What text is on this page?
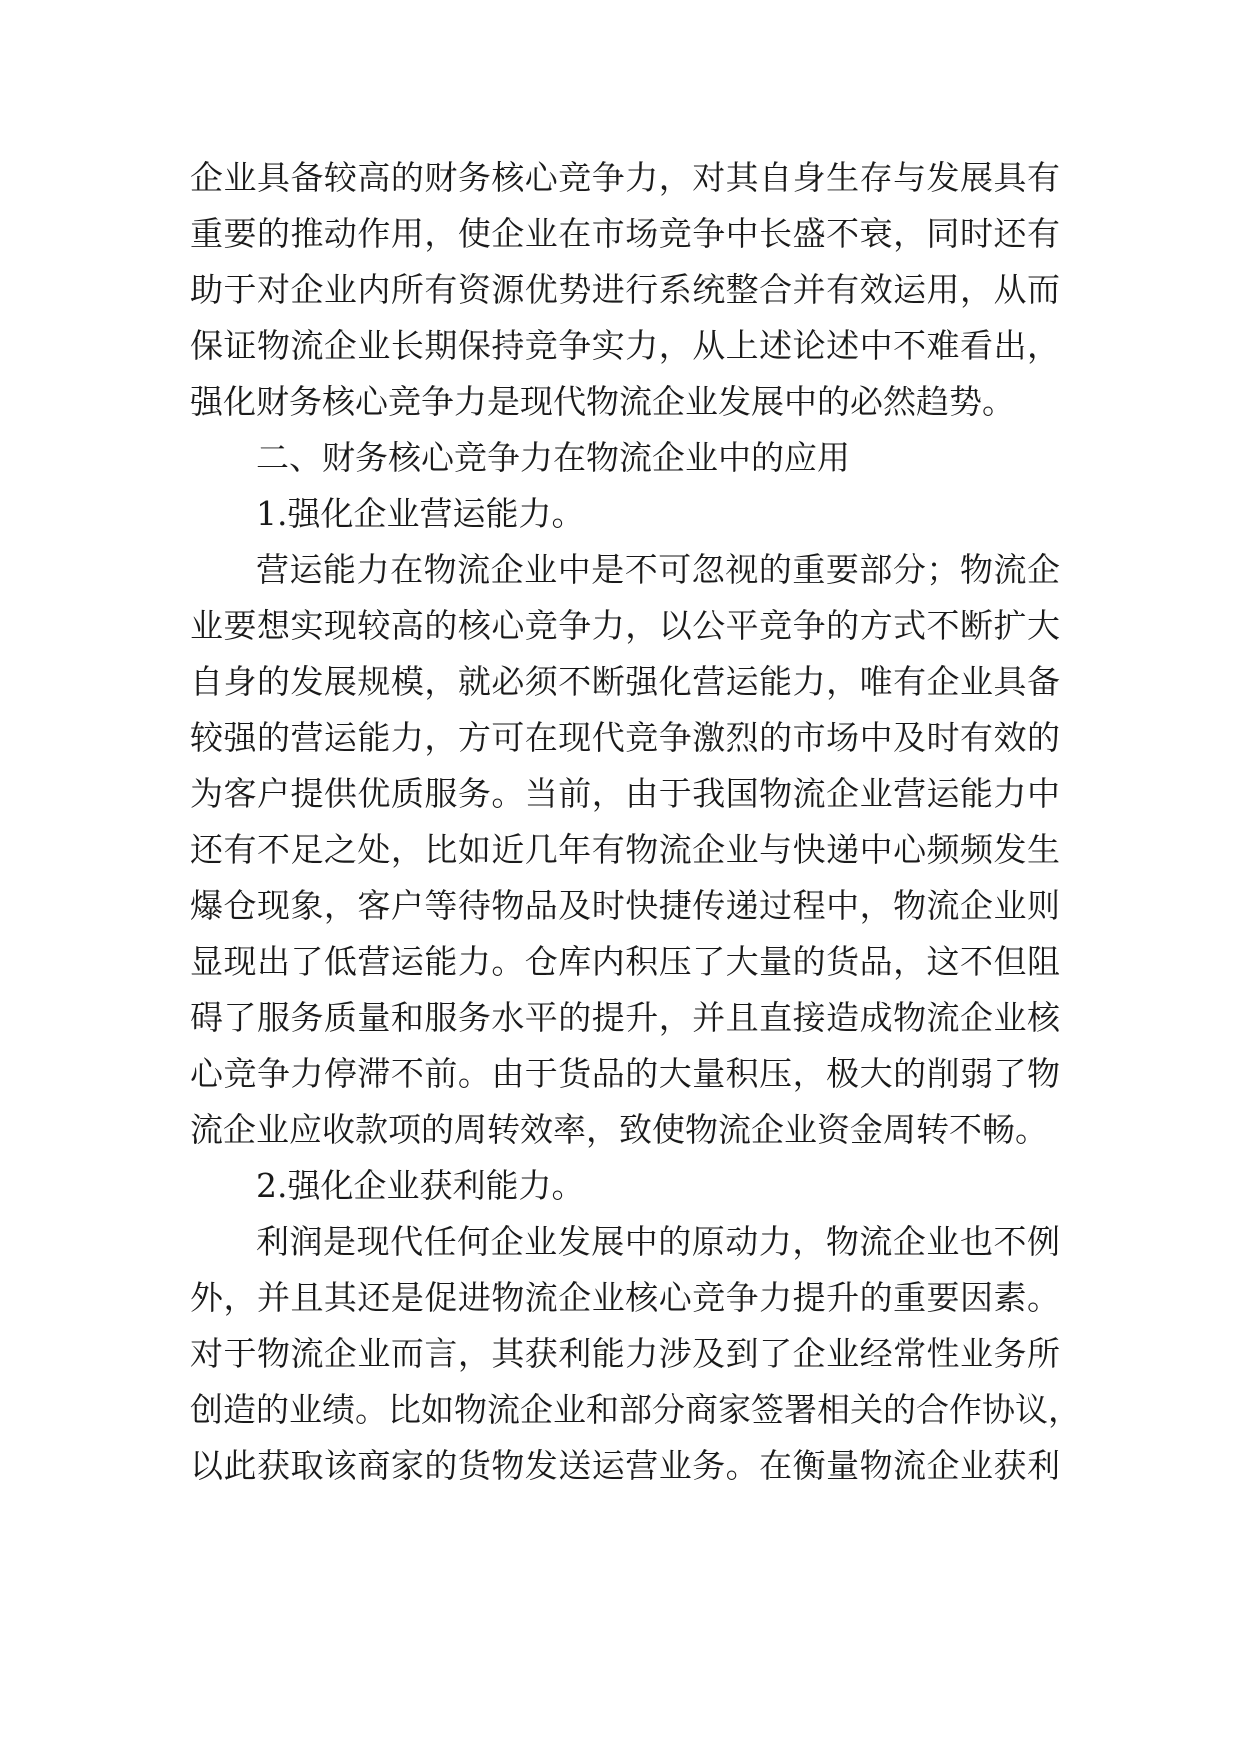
企业具备较高的财务核心竞争力，对其自身生存与发展具有
重要的推动作用，使企业在市场竞争中长盛不衰，同时还有
助于对企业内所有资源优势进行系统整合并有效运用，从而
保证物流企业长期保持竞争实力，从上述论述中不难看出，
强化财务核心竞争力是现代物流企业发展中的必然趋势。
二、财务核心竞争力在物流企业中的应用
1.强化企业营运能力。
营运能力在物流企业中是不可忽视的重要部分；物流企
业要想实现较高的核心竞争力，以公平竞争的方式不断扩大
自身的发展规模，就必须不断强化营运能力，唯有企业具备
较强的营运能力，方可在现代竞争激烈的市场中及时有效的
为客户提供优质服务。当前，由于我国物流企业营运能力中
还有不足之处，比如近几年有物流企业与快递中心频频发生
爆仓现象，客户等待物品及时快捷传递过程中，物流企业则
显现出了低营运能力。仓库内积压了大量的货品，这不但阻
碍了服务质量和服务水平的提升，并且直接造成物流企业核
心竞争力停滞不前。由于货品的大量积压，极大的削弱了物
流企业应收款项的周转效率，致使物流企业资金周转不畅。
2.强化企业获利能力。
利润是现代任何企业发展中的原动力，物流企业也不例
外，并且其还是促进物流企业核心竞争力提升的重要因素。
对于物流企业而言，其获利能力涉及到了企业经常性业务所
创造的业绩。比如物流企业和部分商家签署相关的合作协议，
以此获取该商家的货物发送运营业务。在衡量物流企业获利
